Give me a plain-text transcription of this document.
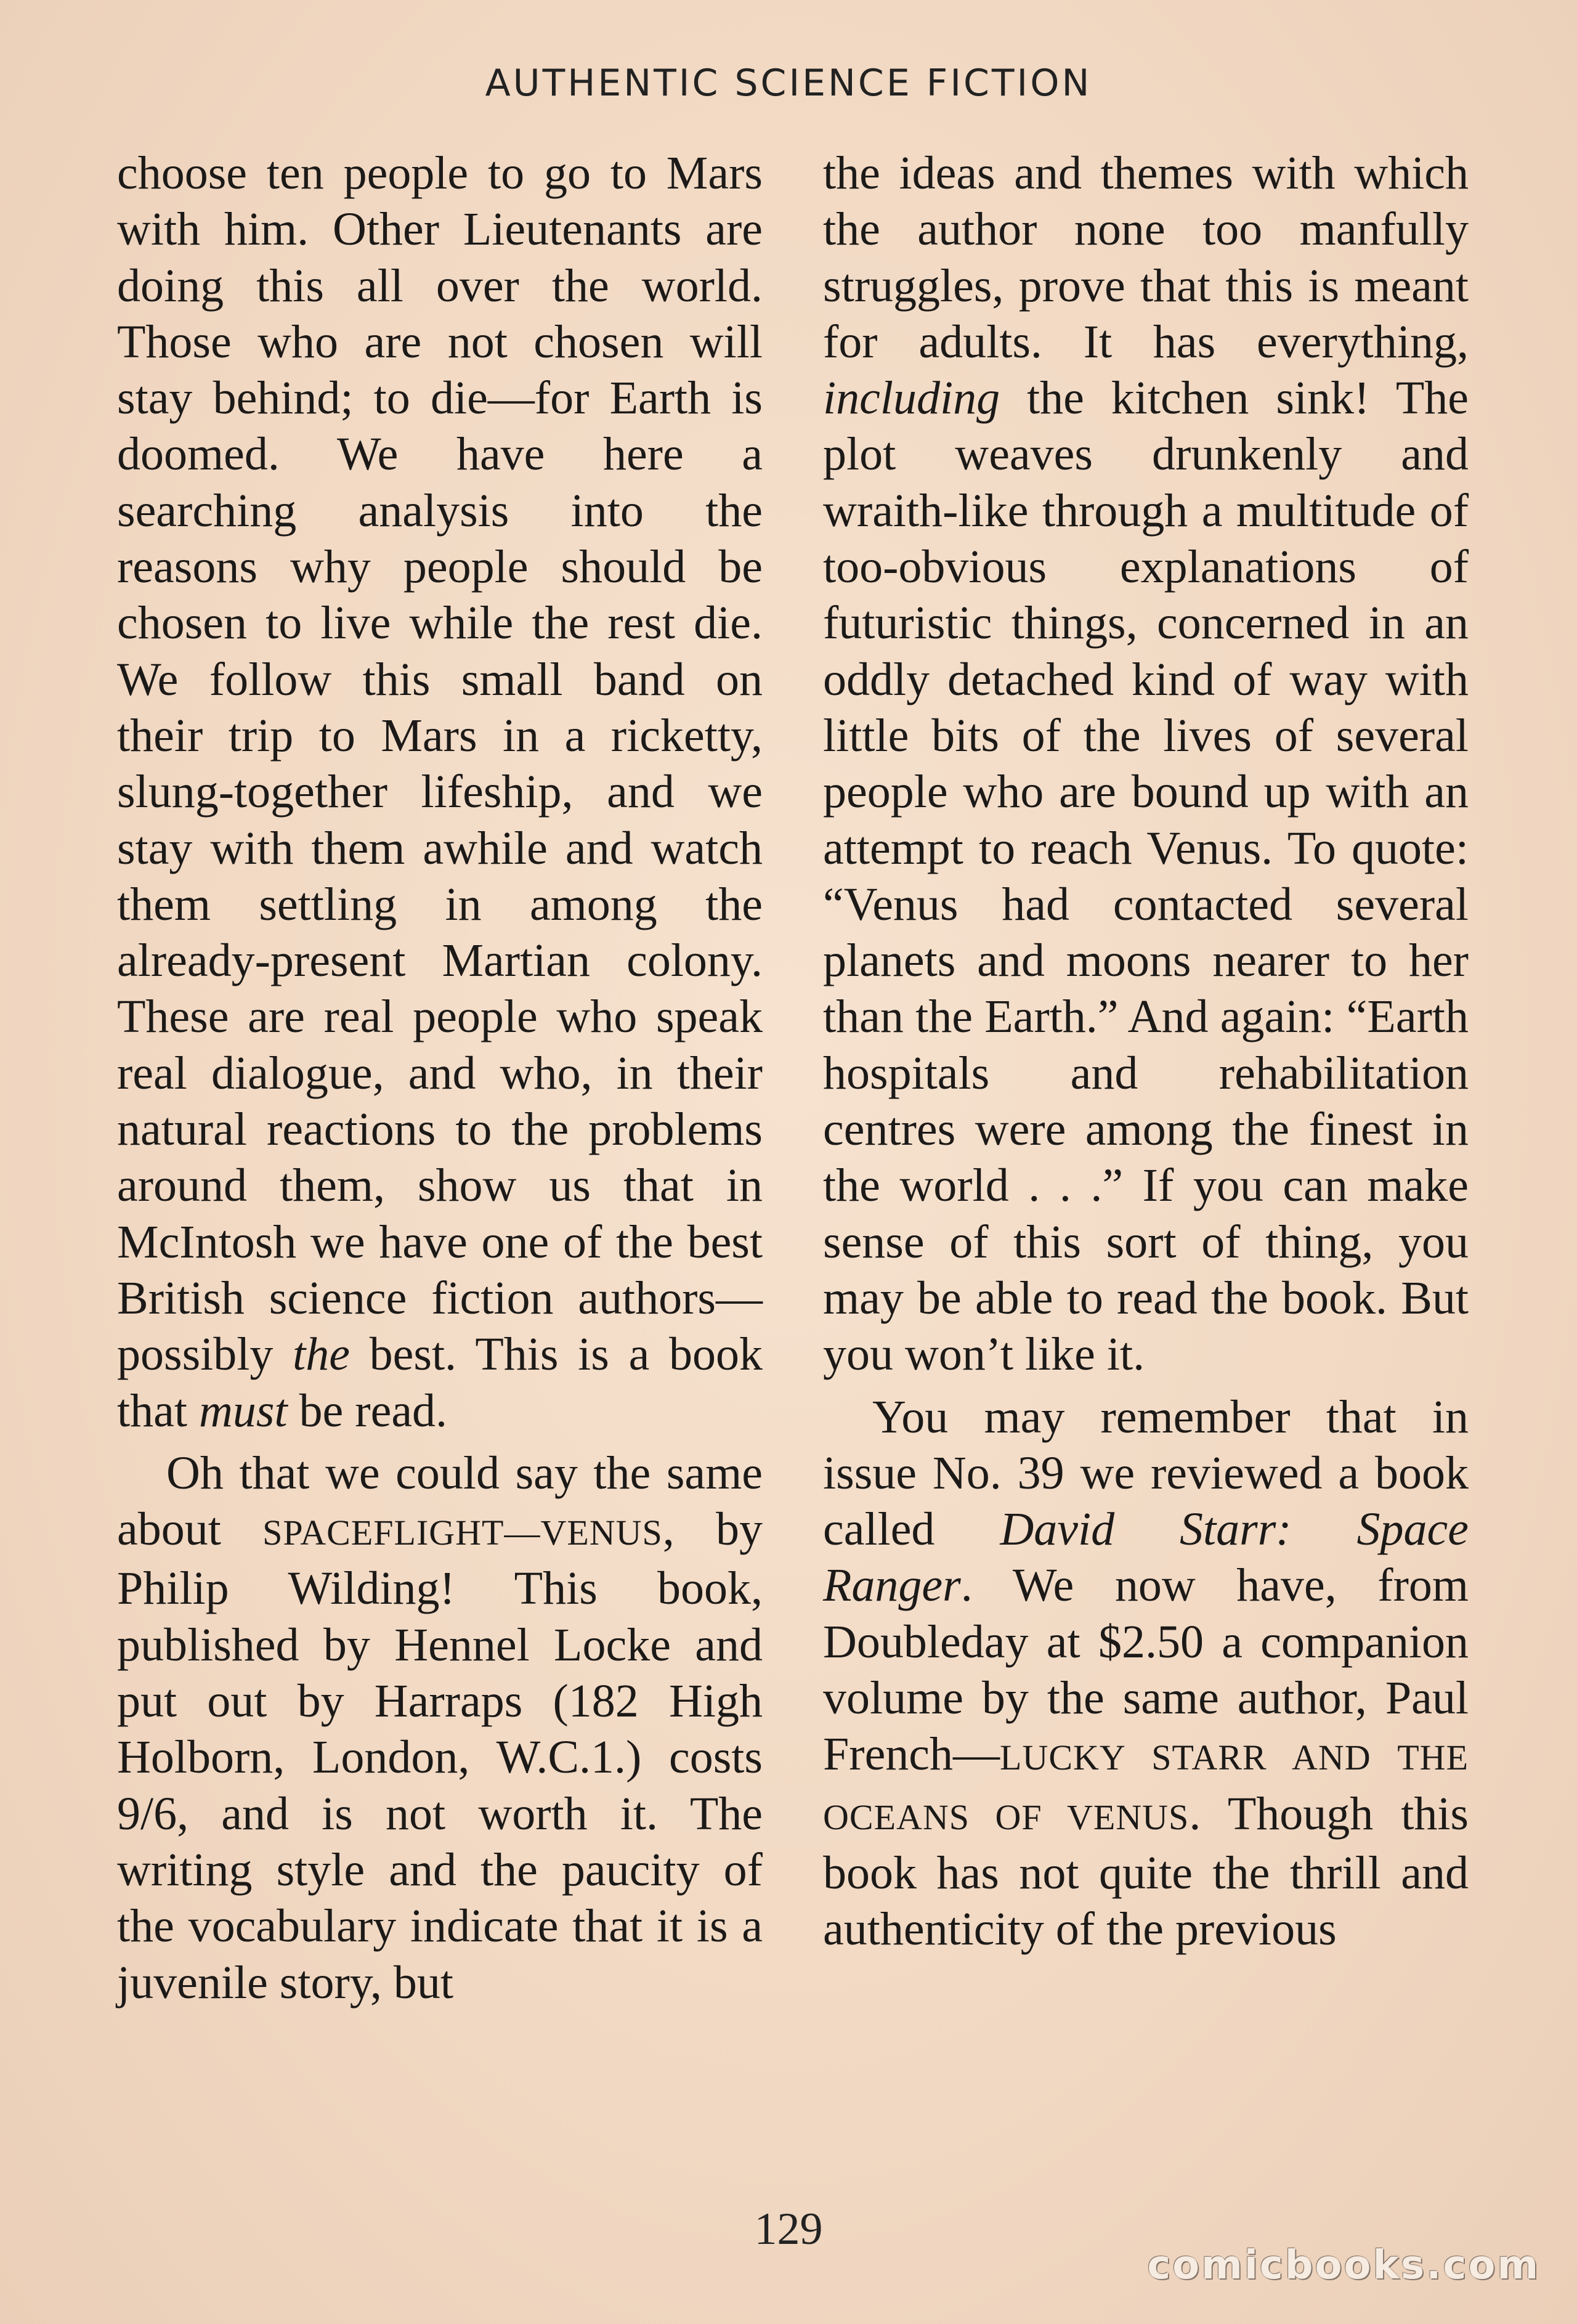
AUTHENTIC SCIENCE FICTION

choose ten people to go to Mars with him. Other Lieutenants are doing this all over the world. Those who are not chosen will stay behind; to die—for Earth is doomed. We have here a searching analysis into the reasons why people should be chosen to live while the rest die. We follow this small band on their trip to Mars in a ricketty, slung-together lifeship, and we stay with them awhile and watch them settling in among the already-present Martian colony. These are real people who speak real dialogue, and who, in their natural reactions to the problems around them, show us that in McIntosh we have one of the best British science fiction authors—possibly the best. This is a book that must be read.

Oh that we could say the same about SPACEFLIGHT—VENUS, by Philip Wilding! This book, published by Hennel Locke and put out by Harraps (182 High Holborn, London, W.C.1.) costs 9/6, and is not worth it. The writing style and the paucity of the vocabulary indicate that it is a juvenile story, but

the ideas and themes with which the author none too manfully struggles, prove that this is meant for adults. It has everything, including the kitchen sink! The plot weaves drunkenly and wraith-like through a multitude of too-obvious explanations of futuristic things, concerned in an oddly detached kind of way with little bits of the lives of several people who are bound up with an attempt to reach Venus. To quote: “Venus had contacted several planets and moons nearer to her than the Earth.” And again: “Earth hospitals and rehabilitation centres were among the finest in the world . . .” If you can make sense of this sort of thing, you may be able to read the book. But you won’t like it.

You may remember that in issue No. 39 we reviewed a book called David Starr: Space Ranger. We now have, from Doubleday at $2.50 a companion volume by the same author, Paul French—LUCKY STARR AND THE OCEANS OF VENUS. Though this book has not quite the thrill and authenticity of the previous

129
comicbooks.com
